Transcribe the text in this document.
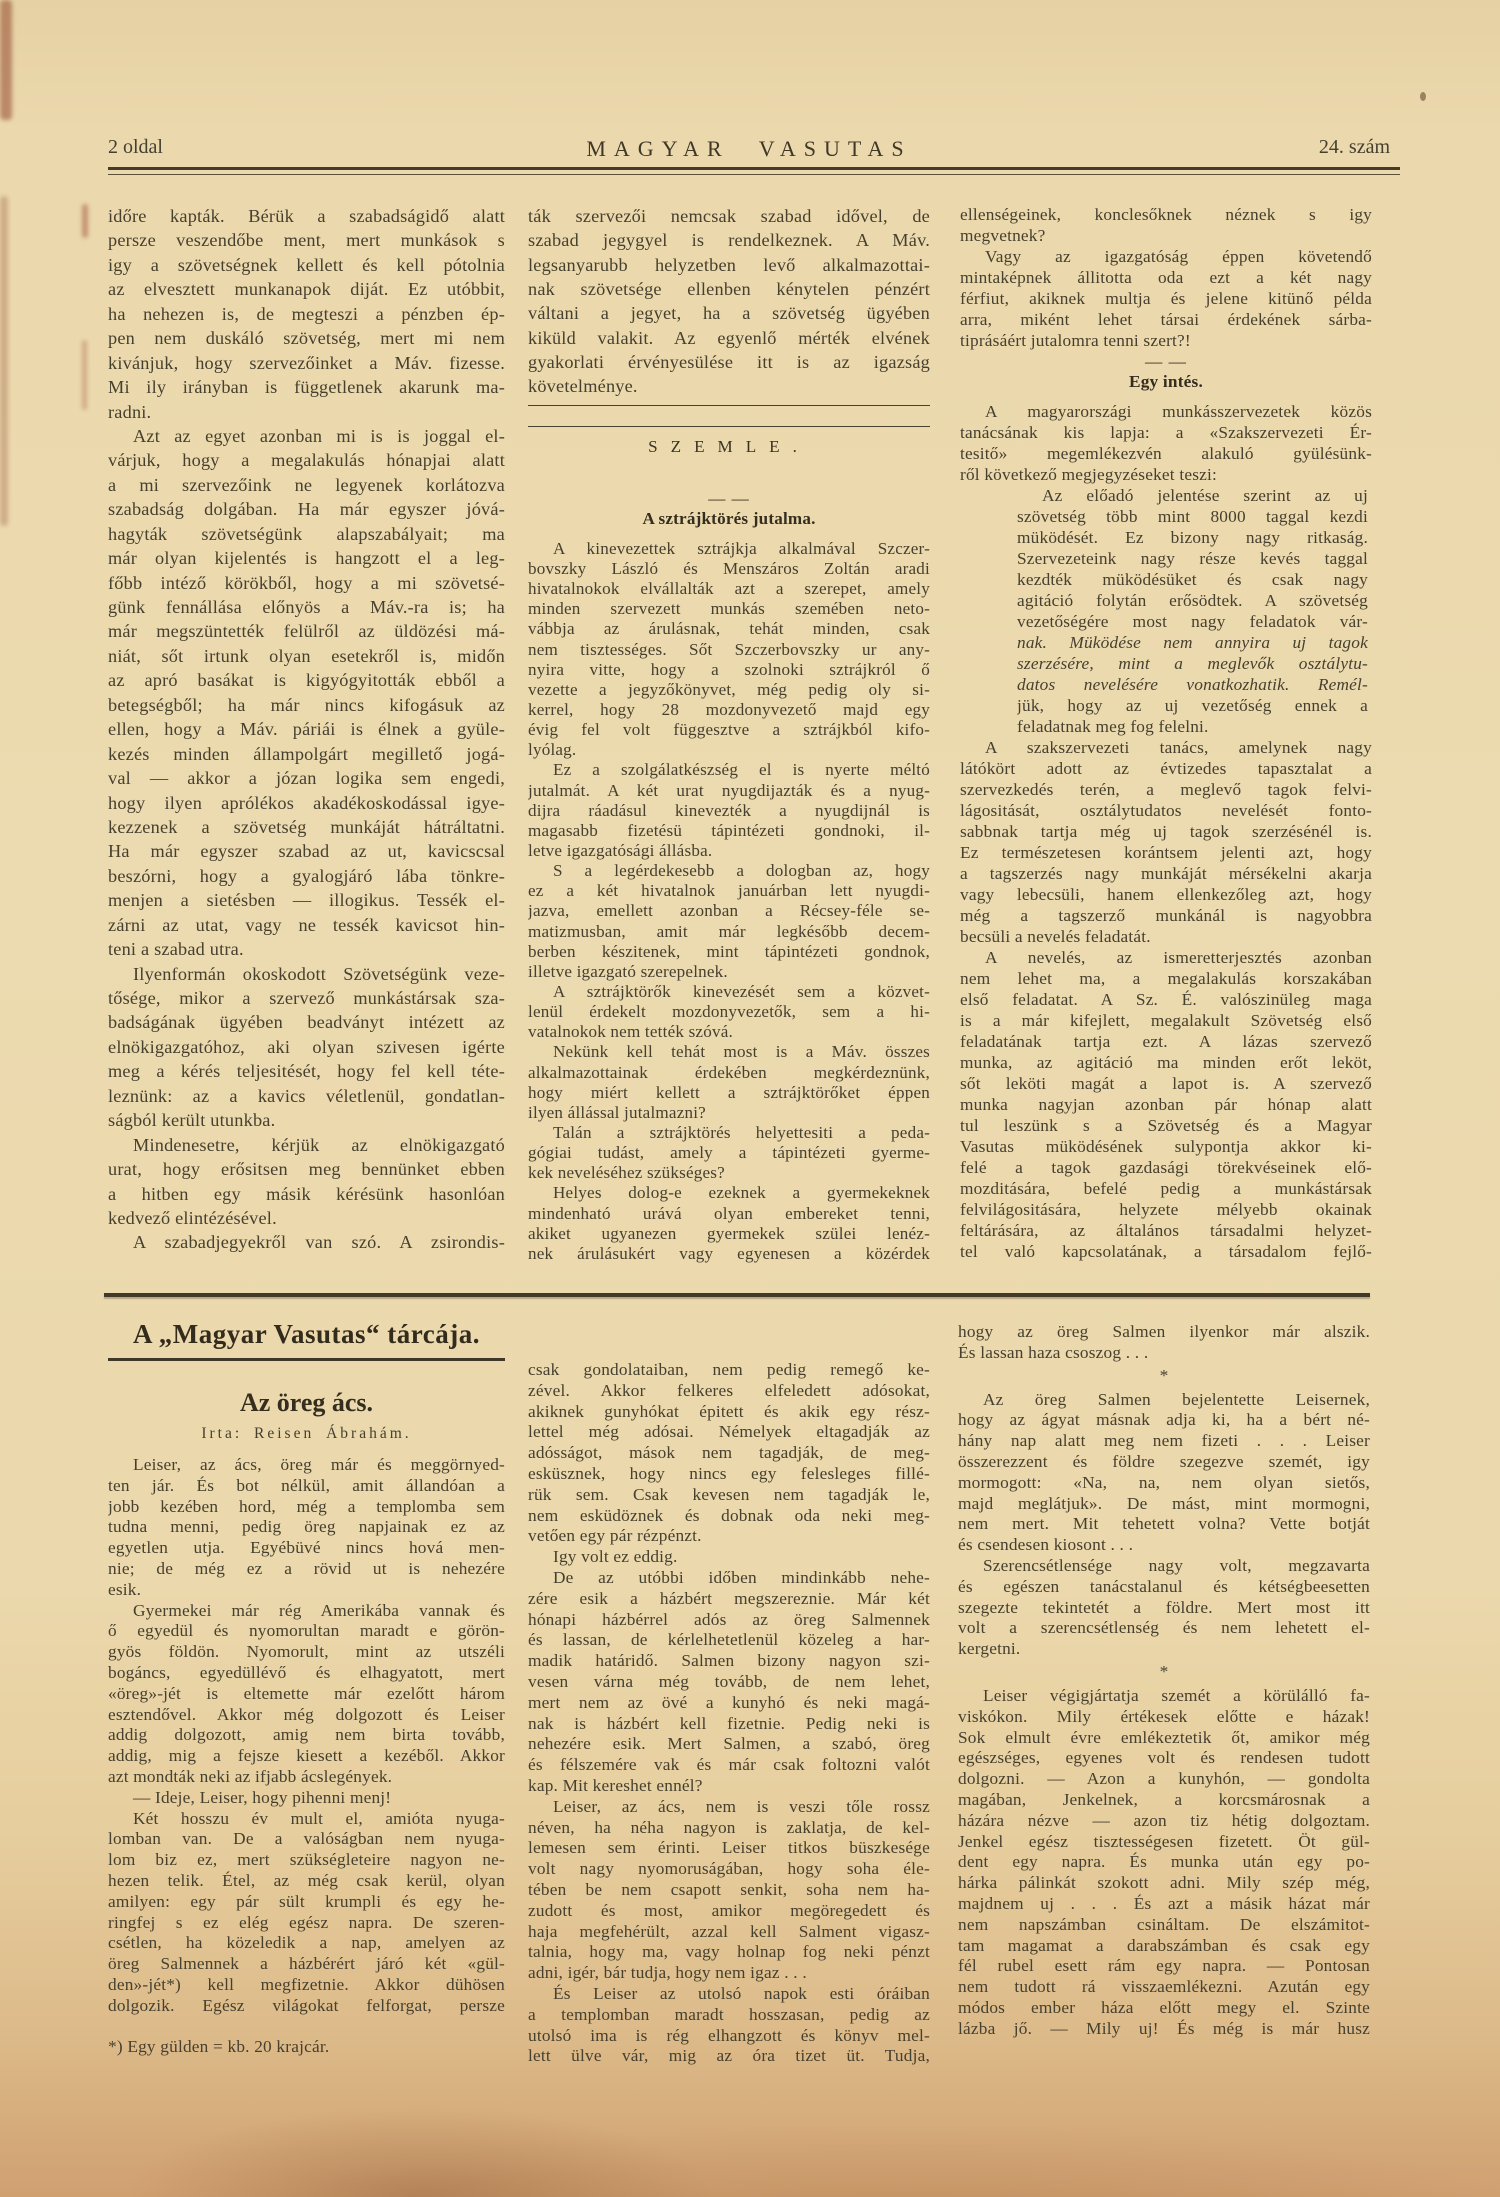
2 oldal	MAGYAR VASUTAS	24. szám
időre kapták. Bérük a szabadságidő alatt
persze veszendőbe ment, mert munkások s
igy a szövetségnek kellett és kell pótolnia
az elvesztett munkanapok diját. Ez utóbbit,
ha nehezen is, de megteszi a pénzben ép-
pen nem duskáló szövetség, mert mi nem
kivánjuk, hogy szervezőinket a Máv. fizesse.
Mi ily irányban is függetlenek akarunk ma-
radni.
Azt az egyet azonban mi is is joggal el-
várjuk, hogy a megalakulás hónapjai alatt
a mi szervezőink ne legyenek korlátozva
szabadság dolgában. Ha már egyszer jóvá-
hagyták szövetségünk alapszabályait; ma
már olyan kijelentés is hangzott el a leg-
főbb intéző körökből, hogy a mi szövetsé-
günk fennállása előnyös a Máv.-ra is; ha
már megszüntették felülről az üldözési má-
niát, sőt irtunk olyan esetekről is, midőn
az apró basákat is kigyógyitották ebből a
betegségből; ha már nincs kifogásuk az
ellen, hogy a Máv. páriái is élnek a gyüle-
kezés minden állampolgárt megillető jogá-
val — akkor a józan logika sem engedi,
hogy ilyen aprólékos akadékoskodással igye-
kezzenek a szövetség munkáját hátráltatni.
Ha már egyszer szabad az ut, kavicscsal
beszórni, hogy a gyalogjáró lába tönkre-
menjen a sietésben — illogikus. Tessék el-
zárni az utat, vagy ne tessék kavicsot hin-
teni a szabad utra.
Ilyenformán okoskodott Szövetségünk veze-
tősége, mikor a szervező munkástársak sza-
badságának ügyében beadványt intézett az
elnökigazgatóhoz, aki olyan szivesen igérte
meg a kérés teljesitését, hogy fel kell téte-
leznünk: az a kavics véletlenül, gondatlan-
ságból került utunkba.
Mindenesetre, kérjük az elnökigazgató
urat, hogy erősitsen meg bennünket ebben
a hitben egy másik kérésünk hasonlóan
kedvező elintézésével.
A szabadjegyekről van szó. A zsirondis-
ták szervezői nemcsak szabad idővel, de
szabad jegygyel is rendelkeznek. A Máv.
legsanyarubb helyzetben levő alkalmazottai-
nak szövetsége ellenben kénytelen pénzért
váltani a jegyet, ha a szövetség ügyében
kiküld valakit. Az egyenlő mérték elvének
gyakorlati érvényesülése itt is az igazság
követelménye.
SZEMLE.
— —
A sztrájktörés jutalma.
A kinevezettek sztrájkja alkalmával Szczer-
bovszky László és Menszáros Zoltán aradi
hivatalnokok elvállalták azt a szerepet, amely
minden szervezett munkás szemében neto-
vábbja az árulásnak, tehát minden, csak
nem tisztességes. Sőt Szczerbovszky ur any-
nyira vitte, hogy a szolnoki sztrájkról ő
vezette a jegyzőkönyvet, még pedig oly si-
kerrel, hogy 28 mozdonyvezető majd egy
évig fel volt függesztve a sztrájkból kifo-
lyólag.
Ez a szolgálatkészség el is nyerte méltó
jutalmát. A két urat nyugdijazták és a nyug-
dijra ráadásul kinevezték a nyugdijnál is
magasabb fizetésü tápintézeti gondnoki, il-
letve igazgatósági állásba.
S a legérdekesebb a dologban az, hogy
ez a két hivatalnok januárban lett nyugdi-
jazva, emellett azonban a Récsey-féle se-
matizmusban, amit már legkésőbb decem-
berben készitenek, mint tápintézeti gondnok,
illetve igazgató szerepelnek.
A sztrájktörők kinevezését sem a közvet-
lenül érdekelt mozdonyvezetők, sem a hi-
vatalnokok nem tették szóvá.
Nekünk kell tehát most is a Máv. összes
alkalmazottainak érdekében megkérdeznünk,
hogy miért kellett a sztrájktörőket éppen
ilyen állással jutalmazni?
Talán a sztrájktörés helyettesiti a peda-
gógiai tudást, amely a tápintézeti gyerme-
kek neveléséhez szükséges?
Helyes dolog-e ezeknek a gyermekeknek
mindenható urává olyan embereket tenni,
akiket ugyanezen gyermekek szülei lenéz-
nek árulásukért vagy egyenesen a közérdek
ellenségeinek, konclesőknek néznek s igy
megvetnek?
Vagy az igazgatóság éppen követendő
mintaképnek állitotta oda ezt a két nagy
férfiut, akiknek multja és jelene kitünő példa
arra, miként lehet társai érdekének sárba-
tiprásáért jutalomra tenni szert?!
— —
Egy intés.
A magyarországi munkásszervezetek közös
tanácsának kis lapja: a «Szakszervezeti Ér-
tesitő» megemlékezvén alakuló gyülésünk-
ről következő megjegyzéseket teszi:
Az előadó jelentése szerint az uj
szövetség több mint 8000 taggal kezdi
müködését. Ez bizony nagy ritkaság.
Szervezeteink nagy része kevés taggal
kezdték müködésüket és csak nagy
agitáció folytán erősödtek. A szövetség
vezetőségére most nagy feladatok vár-
nak. Müködése nem annyira uj tagok
szerzésére, mint a meglevők osztálytu-
datos nevelésére vonatkozhatik. Remél-
jük, hogy az uj vezetőség ennek a
feladatnak meg fog felelni.
A szakszervezeti tanács, amelynek nagy
látókört adott az évtizedes tapasztalat a
szervezkedés terén, a meglevő tagok felvi-
lágositását, osztálytudatos nevelését fonto-
sabbnak tartja még uj tagok szerzésénél is.
Ez természetesen korántsem jelenti azt, hogy
a tagszerzés nagy munkáját mérsékelni akarja
vagy lebecsüli, hanem ellenkezőleg azt, hogy
még a tagszerző munkánál is nagyobbra
becsüli a nevelés feladatát.
A nevelés, az ismeretterjesztés azonban
nem lehet ma, a megalakulás korszakában
első feladatat. A Sz. É. valószinüleg maga
is a már kifejlett, megalakult Szövetség első
feladatának tartja ezt. A lázas szervező
munka, az agitáció ma minden erőt leköt,
sőt leköti magát a lapot is. A szervező
munka nagyjan azonban pár hónap alatt
tul leszünk s a Szövetség és a Magyar
Vasutas müködésének sulypontja akkor ki-
felé a tagok gazdasági törekvéseinek elő-
mozditására, befelé pedig a munkástársak
felvilágositására, helyzete mélyebb okainak
feltárására, az általános társadalmi helyzet-
tel való kapcsolatának, a társadalom fejlő-
A „Magyar Vasutas“ tárcája.
Az öreg ács.
Irta: Reisen Ábrahám.
Leiser, az ács, öreg már és meggörnyed-
ten jár. És bot nélkül, amit állandóan a
jobb kezében hord, még a templomba sem
tudna menni, pedig öreg napjainak ez az
egyetlen utja. Egyébüvé nincs hová men-
nie; de még ez a rövid ut is nehezére
esik.
Gyermekei már rég Amerikába vannak és
ő egyedül és nyomorultan maradt e görön-
gyös földön. Nyomorult, mint az utszéli
bogáncs, egyedüllévő és elhagyatott, mert
«öreg»-jét is eltemette már ezelőtt három
esztendővel. Akkor még dolgozott és Leiser
addig dolgozott, amig nem birta tovább,
addig, mig a fejsze kiesett a kezéből. Akkor
azt mondták neki az ifjabb ácslegények.
— Ideje, Leiser, hogy pihenni menj!
Két hosszu év mult el, amióta nyuga-
lomban van. De a valóságban nem nyuga-
lom biz ez, mert szükségleteire nagyon ne-
hezen telik. Étel, az még csak kerül, olyan
amilyen: egy pár sült krumpli és egy he-
ringfej s ez elég egész napra. De szeren-
csétlen, ha közeledik a nap, amelyen az
öreg Salmennek a házbérért járó két «gül-
den»-jét*) kell megfizetnie. Akkor dühösen
dolgozik. Egész világokat felforgat, persze
*) Egy gülden = kb. 20 krajcár.
csak gondolataiban, nem pedig remegő ke-
zével. Akkor felkeres elfeledett adósokat,
akiknek gunyhókat épitett és akik egy rész-
lettel még adósai. Némelyek eltagadják az
adósságot, mások nem tagadják, de meg-
esküsznek, hogy nincs egy felesleges fillé-
rük sem. Csak kevesen nem tagadják le,
nem esküdöznek és dobnak oda neki meg-
vetően egy pár rézpénzt.
Igy volt ez eddig.
De az utóbbi időben mindinkább nehe-
zére esik a házbért megszereznie. Már két
hónapi házbérrel adós az öreg Salmennek
és lassan, de kérlelhetetlenül közeleg a har-
madik határidő. Salmen bizony nagyon szi-
vesen várna még tovább, de nem lehet,
mert nem az övé a kunyhó és neki magá-
nak is házbért kell fizetnie. Pedig neki is
nehezére esik. Mert Salmen, a szabó, öreg
és félszemére vak és már csak foltozni valót
kap. Mit kereshet ennél?
Leiser, az ács, nem is veszi tőle rossz
néven, ha néha nagyon is zaklatja, de kel-
lemesen sem érinti. Leiser titkos büszkesége
volt nagy nyomoruságában, hogy soha éle-
tében be nem csapott senkit, soha nem ha-
zudott és most, amikor megöregedett és
haja megfehérült, azzal kell Salment vigasz-
talnia, hogy ma, vagy holnap fog neki pénzt
adni, igér, bár tudja, hogy nem igaz . . .
És Leiser az utolsó napok esti óráiban
a templomban maradt hosszasan, pedig az
utolsó ima is rég elhangzott és könyv mel-
lett ülve vár, mig az óra tizet üt. Tudja,
hogy az öreg Salmen ilyenkor már alszik.
És lassan haza csoszog . . .
*
Az öreg Salmen bejelentette Leisernek,
hogy az ágyat másnak adja ki, ha a bért né-
hány nap alatt meg nem fizeti . . . Leiser
összerezzent és földre szegezve szemét, igy
mormogott: «Na, na, nem olyan sietős,
majd meglátjuk». De mást, mint mormogni,
nem mert. Mit tehetett volna? Vette botját
és csendesen kiosont . . .
Szerencsétlensége nagy volt, megzavarta
és egészen tanácstalanul és kétségbeesetten
szegezte tekintetét a földre. Mert most itt
volt a szerencsétlenség és nem lehetett el-
kergetni.
*
Leiser végigjártatja szemét a körülálló fa-
viskókon. Mily értékesek előtte e házak!
Sok elmult évre emlékeztetik őt, amikor még
egészséges, egyenes volt és rendesen tudott
dolgozni. — Azon a kunyhón, — gondolta
magában, Jenkelnek, a korcsmárosnak a
házára nézve — azon tiz hétig dolgoztam.
Jenkel egész tisztességesen fizetett. Öt gül-
dent egy napra. És munka után egy po-
hárka pálinkát szokott adni. Mily szép még,
majdnem uj . . . És azt a másik házat már
nem napszámban csináltam. De elszámitot-
tam magamat a darabszámban és csak egy
fél rubel esett rám egy napra. — Pontosan
nem tudott rá visszaemlékezni. Azután egy
módos ember háza előtt megy el. Szinte
lázba jő. — Mily uj! És még is már husz
